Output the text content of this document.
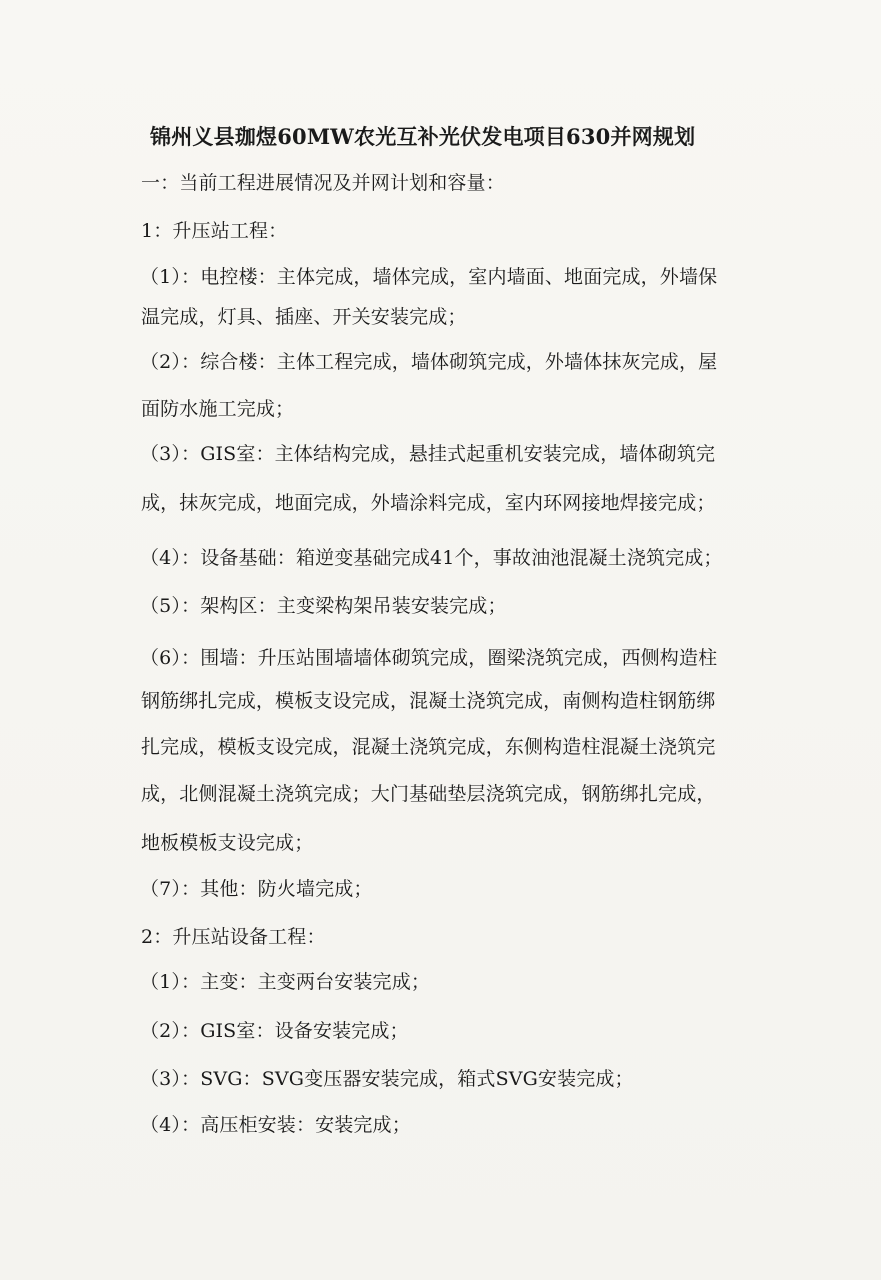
锦州义县珈煜60MW农光互补光伏发电项目630并网规划
一：当前工程进展情况及并网计划和容量：
1：升压站工程：
（1）：电控楼：主体完成，墙体完成，室内墙面、地面完成，外墙保
温完成，灯具、插座、开关安装完成；
（2）：综合楼：主体工程完成，墙体砌筑完成，外墙体抹灰完成，屋
面防水施工完成；
（3）：GIS室：主体结构完成，悬挂式起重机安装完成，墙体砌筑完
成，抹灰完成，地面完成，外墙涂料完成，室内环网接地焊接完成；
（4）：设备基础：箱逆变基础完成41个，事故油池混凝土浇筑完成；
（5）：架构区：主变梁构架吊装安装完成；
（6）：围墙：升压站围墙墙体砌筑完成，圈梁浇筑完成，西侧构造柱
钢筋绑扎完成，模板支设完成，混凝土浇筑完成，南侧构造柱钢筋绑
扎完成，模板支设完成，混凝土浇筑完成，东侧构造柱混凝土浇筑完
成，北侧混凝土浇筑完成；大门基础垫层浇筑完成，钢筋绑扎完成，
地板模板支设完成；
（7）：其他：防火墙完成；
2：升压站设备工程：
（1）：主变：主变两台安装完成；
（2）：GIS室：设备安装完成；
（3）：SVG：SVG变压器安装完成，箱式SVG安装完成；
（4）：高压柜安装：安装完成；
